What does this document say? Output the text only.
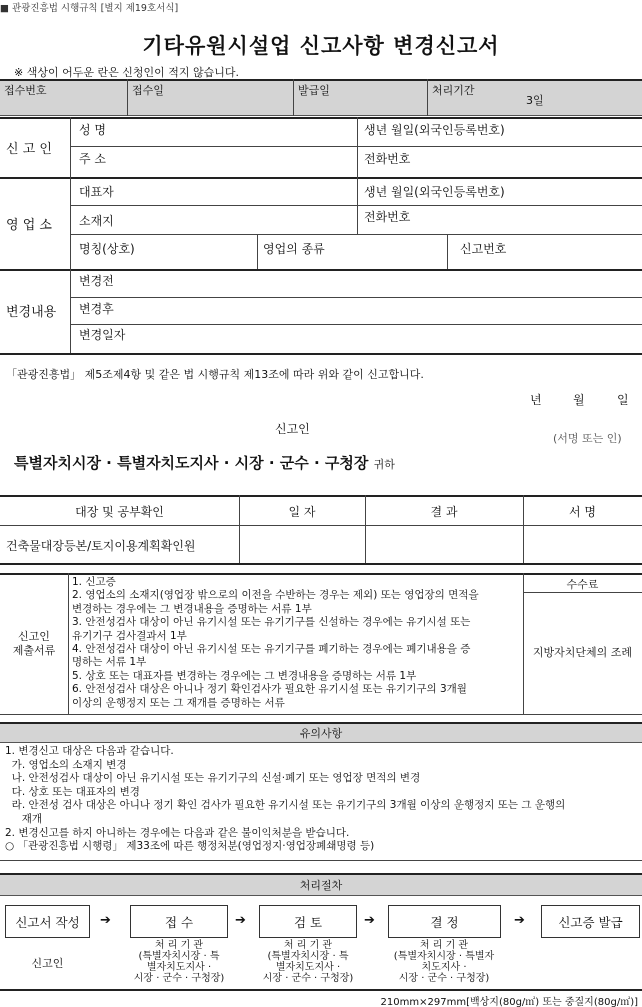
■ 관광진흥법 시행규칙 [별지 제19호서식]
기타유원시설업 신고사항 변경신고서
※ 색상이 어두운 란은 신청인이 적지 않습니다.
접수번호	접수일	발급일	처리기간
3일
신 고 인
성 명	생년 월일(외국인등록번호)
주 소	전화번호
영 업 소
대표자	생년 월일(외국인등록번호)
소재지	전화번호
명칭(상호)	영업의 종류	신고번호
변경내용
변경전
변경후
변경일자
「관광진흥법」 제5조제4항 및 같은 법 시행규칙 제13조에 따라 위와 같이 신고합니다.
년	월	일
신고인
(서명 또는 인)
특별자치시장 · 특별자치도지사 · 시장 · 군수 · 구청장 귀하
대장 및 공부확인	일 자	결 과	서 명
건축물대장등본/토지이용계획확인원
신고인
제출서류
1. 신고증
2. 영업소의 소재지(영업장 밖으로의 이전을 수반하는 경우는 제외) 또는 영업장의 면적을
변경하는 경우에는 그 변경내용을 증명하는 서류 1부
3. 안전성검사 대상이 아닌 유기시설 또는 유기기구를 신설하는 경우에는 유기시설 또는
유기기구 검사결과서 1부
4. 안전성검사 대상이 아닌 유기시설 또는 유기기구를 폐기하는 경우에는 폐기내용을 증
명하는 서류 1부
5. 상호 또는 대표자를 변경하는 경우에는 그 변경내용을 증명하는 서류 1부
6. 안전성검사 대상은 아니나 정기 확인검사가 필요한 유기시설 또는 유기기구의 3개월
이상의 운행정지 또는 그 재개를 증명하는 서류
수수료
지방자치단체의 조례
유의사항
1. 변경신고 대상은 다음과 같습니다.
가. 영업소의 소재지 변경
나. 안전성검사 대상이 아닌 유기시설 또는 유기기구의 신설·폐기 또는 영업장 면적의 변경
다. 상호 또는 대표자의 변경
라. 안전성 검사 대상은 아니나 정기 확인 검사가 필요한 유기시설 또는 유기기구의 3개월 이상의 운행정지 또는 그 운행의
재개
2. 변경신고를 하지 아니하는 경우에는 다음과 같은 불이익처분을 받습니다.
○ 「관광진흥법 시행령」 제33조에 따른 행정처분(영업정지·영업장폐쇄명령 등)
처리절차
신고서 작성	➔	접 수	➔	검 토	➔	결 정	➔	신고증 발급
신고인
처 리 기 관
(특별자치시장 · 특
별자치도지사 ·
시장 · 군수 · 구청장)
처 리 기 관
(특별자치시장 · 특
별자치도지사 ·
시장 · 군수 · 구청장)
처 리 기 관
(특별자치시장 · 특별자
치도지사 ·
시장 · 군수 · 구청장)
210mm×297mm[백상지(80g/㎡) 또는 중질지(80g/㎡)]
